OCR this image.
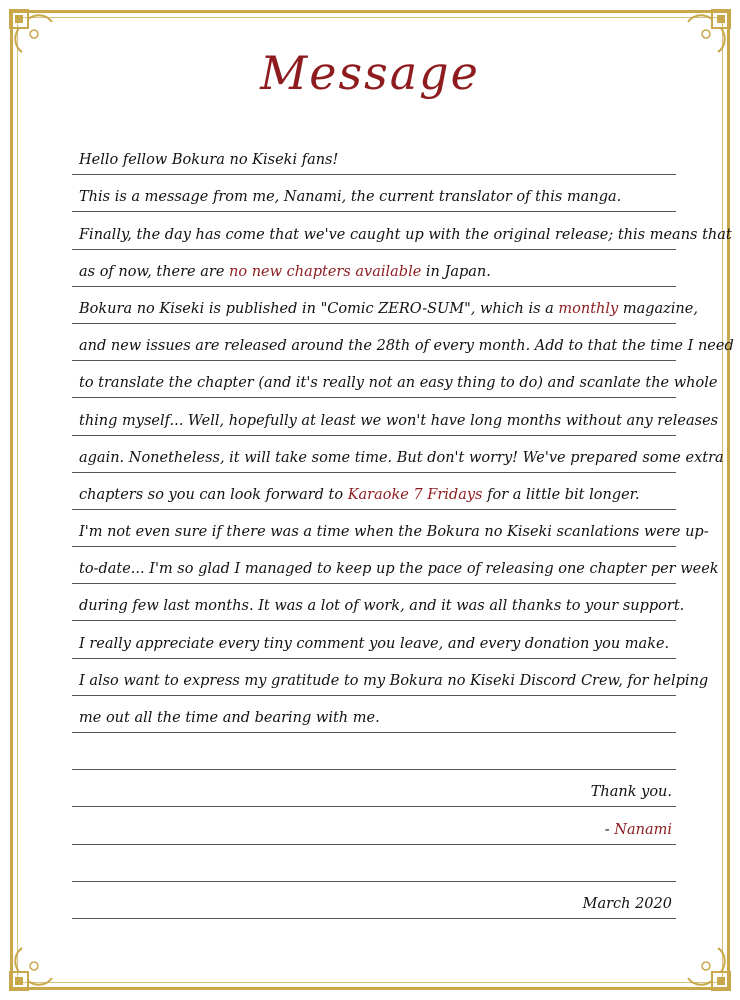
Message
Hello fellow Bokura no Kiseki fans!
This is a message from me, Nanami, the current translator of this manga.
Finally, the day has come that we've caught up with the original release; this means that
as of now, there are no new chapters available in Japan.
Bokura no Kiseki is published in "Comic ZERO-SUM", which is a monthly magazine,
and new issues are released around the 28th of every month. Add to that the time I need
to translate the chapter (and it's really not an easy thing to do) and scanlate the whole
thing myself... Well, hopefully at least we won't have long months without any releases
again. Nonetheless, it will take some time. But don't worry! We've prepared some extra
chapters so you can look forward to Karaoke 7 Fridays for a little bit longer.
I'm not even sure if there was a time when the Bokura no Kiseki scanlations were up-
to-date... I'm so glad I managed to keep up the pace of releasing one chapter per week
during few last months. It was a lot of work, and it was all thanks to your support.
I really appreciate every tiny comment you leave, and every donation you make.
I also want to express my gratitude to my Bokura no Kiseki Discord Crew, for helping
me out all the time and bearing with me.
Thank you.
- Nanami
March 2020
